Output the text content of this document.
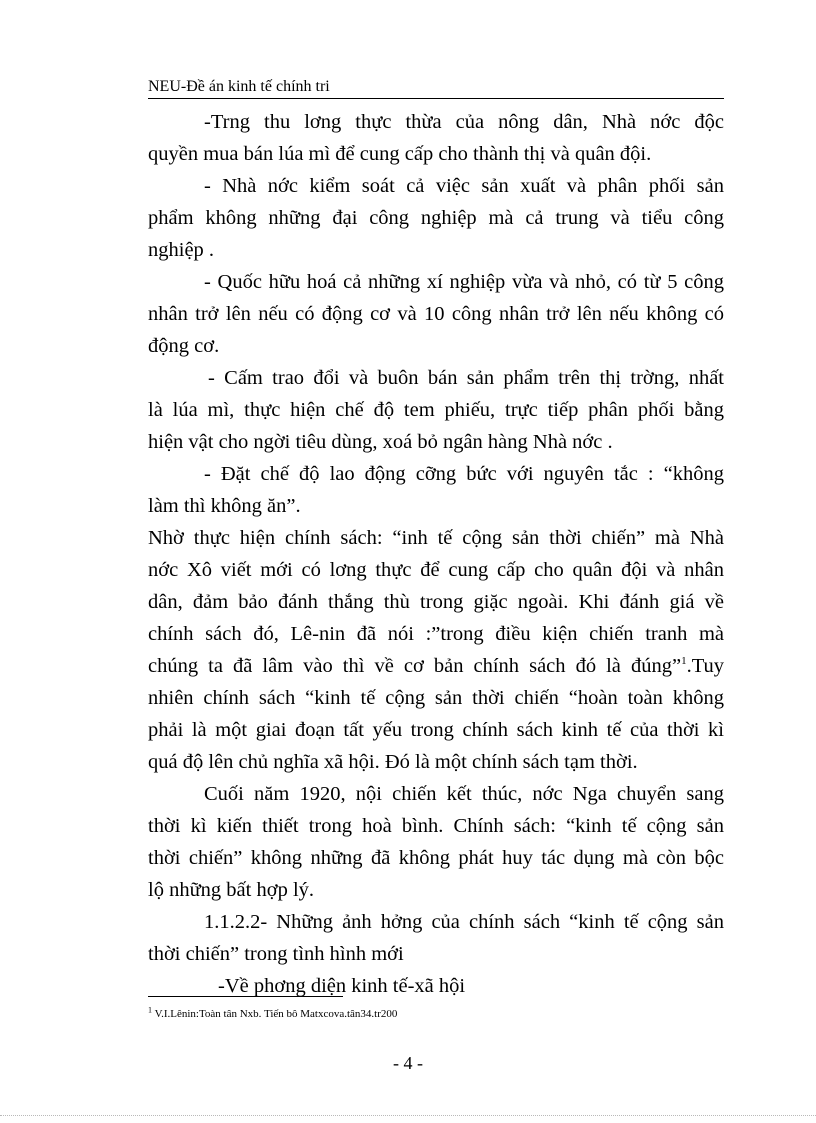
NEU-Đề án kinh tế chính tri
-Trng thu lơng thực thừa của nông dân, Nhà nớc độc
quyền mua bán lúa mì để cung cấp cho thành thị và quân đội.
- Nhà nớc kiểm soát cả việc sản xuất và phân phối sản
phẩm không những đại công nghiệp mà cả trung và tiểu công
nghiệp .
- Quốc hữu hoá cả những xí nghiệp vừa và nhỏ, có từ 5 công
nhân trở lên nếu có động cơ và 10 công nhân trở lên nếu không có
động cơ.
- Cấm trao đổi và buôn bán sản phẩm trên thị trờng, nhất
là lúa mì, thực hiện chế độ tem phiếu, trực tiếp phân phối bằng
hiện vật cho ngời tiêu dùng, xoá bỏ ngân hàng Nhà nớc .
- Đặt chế độ lao động cỡng bức với nguyên tắc : “không
làm thì không ăn”.
Nhờ thực hiện chính sách: “inh tế cộng sản thời chiến” mà Nhà
nớc Xô viết mới có lơng thực để cung cấp cho quân đội và nhân
dân, đảm bảo đánh thắng thù trong giặc ngoài. Khi đánh giá về
chính sách đó, Lê-nin đã nói :”trong điều kiện chiến tranh mà
chúng ta đã lâm vào thì về cơ bản chính sách đó là đúng”$^1$.Tuy
nhiên chính sách “kinh tế cộng sản thời chiến “hoàn toàn không
phải là một giai đoạn tất yếu trong chính sách kinh tế của thời kì
quá độ lên chủ nghĩa xã hội. Đó là một chính sách tạm thời.
Cuối năm 1920, nội chiến kết thúc, nớc Nga chuyển sang
thời kì kiến thiết trong hoà bình. Chính sách: “kinh tế cộng sản
thời chiến” không những đã không phát huy tác dụng mà còn bộc
lộ những bất hợp lý.
1.1.2.2- Những ảnh hởng của chính sách “kinh tế cộng sản
thời chiến” trong tình hình mới
-Về phơng diện kinh tế-xã hội
$^1$ V.I.Lênin:Toàn tân Nxb. Tiến bô Matxcova.tân34.tr200
- 4 -
